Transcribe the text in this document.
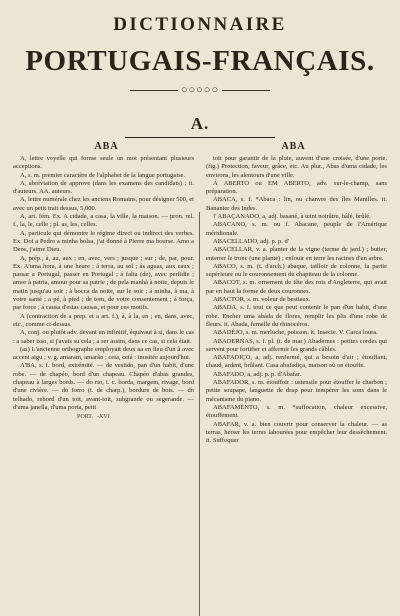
DICTIONNAIRE
PORTUGAIS-FRANÇAIS.
○○○○○
A.
ABA	ABA

A, lettre voyelle qui forme seule un mot présentant plusieurs acceptions.

A, s. m. premier caractère de l'alphabet de la langue portugaise.

A, abréviation de approve (dans les examens des candidats) ; it. d'auteurs. AA. auteurs.

A, lettre numérale chez les anciens Romains, pour désigner 500, et avec un petit trait dessus, 5,000.

A, art. fém. Ex. A cidade, a casa, la ville, la maison. — pron. rel. f., la, le, celle ; pl. as, les, celles.

A, particule qui démontre le régime direct ou indirect des verbes. Ex. Doi a Pedro a minha bolsa, j'ai donné à Pierre ma bourse. Amo a Deos, j'aime Dieu.

A, prép., à, au, aux ; en, avec, vers ; jusque ; sur ; de, par, pour. Ex. A'uma hora, à une heure ; á terra, au sol ; ás aguas, aux eaux ; passar a Portugal, passer en Portugal ; á falta (de), avec perfidie ; amor à patria, amour pour sa patrie ; de pela manhã à noite, depuis le matin jusqu'au soir ; à bocca da noite, sur le soir ; á minha, à ma, à votre santé ; a pé, à pied ; de tom, de votre consentement ; á força, par force ; á causa d'estas causas, et pour ces motifs.

A (contraction de a prep. et a art. f.), à, à la, en ; en, dans, avec, etc., comme ci-dessus.

A, conj. ou plutôt adv. devant un infinitif, équivaut à si, dans le cas : a saber isso, si j'avais su cela ; a ser assim, dans ce cas, si cela était.

(as) L'ancienne orthographe employait deux aa en lieu d'un â avec accent aigu ; v. g. amaram, amarão ; ceia, cetá : inusitée aujourd'hui.

A'BA, s. f. bord, extrémité. — de vestido, pan d'un habit, d'une robe. — de chapéo, bord d'un chapeau. Chapéo d'abas grandes, chapeau à larges bords. — do rio, i. c. borda, margem, rivage, bord d'une rivière. — do forro (t. de charp.), bordure de bois. — do telhado, rebord d'un toit, avant-toit, subgrande ou segerande. — d'uma janella, d'uma porta, petit

PORT. -XVI

toit pour garantir de la pluie, auvent d'une croisée, d'une porte. (fig.) Protection, faveur, grâce, etc. Au plur., Abas d'uma cidade, les environs, les alentours d'une ville.

Á ABERTO ou EM ABERTO, adv. sur-le-champ, sans préparation.

ABACA, s. f. *Abaca : lin, ou chanvre des îles Manilles. it. Bananier des Indes.

† ABAÇANADO, a, adj. basané, à teint noirâtre, hâlé, brûlé.

ABACANO, s. m. ou f. Abacane, peuple de l'Amérique méridionale.

ABACELLADO, adj. p. p. d'

ABACELLAR, v. a. planter de la vigne (terme de jard.) ; butter, enterrer le tronc (une plante) ; enfouir en terre les racines d'un arbre.

ABACO, s. m. (t. d'arch.) abaque, tailloir de colonne, la partie supérieure ou le couronnement du chapiteau de la colonne.

ABACOT, s. m. ornement de tête des rois d'Angleterre, qui avait par en haut la forme de deux couronnes.

ABACTOR, s. m. voleur de bestiaux.

ABADA, s. f. tout ce que peut contenir le pan d'un habit, d'une robe. Encher uma abáda de flores, remplir les plis d'une robe de fleurs. it. Abada, femelle du rhinocéros.

ABADÉJO, s. m. merluche, poisson. it. Insecte. V. Carca loura.

ABADERNAS, s. f. pl. (t. de mar.) Abadernes : petites cordes qui servent pour fortifier et affermir les grands câbles.

ABAFADIÇO, a, adj. renfermé, qui a besoin d'air ; étouffant, chaud, ardent, brûlant. Casa abafadiça, maison où on étouffe.

ABAFADO, a, adj. p. p. d'Abafar.

ABAFADOR, s. m. étouffoir : ustensile pour étouffer le charbon ; petite soupape, languette de drap pour tempérer les sons dans le mécanisme du piano.

ABAFAMENTO, s. m. *suffocation, chaleur excessive, étouffement.

ABAFAR, v. a. bien couvrir pour conserver la chaleur. — as terras, herser les terres labourées pour empêcher leur dessèchement. it. Suffoquer
